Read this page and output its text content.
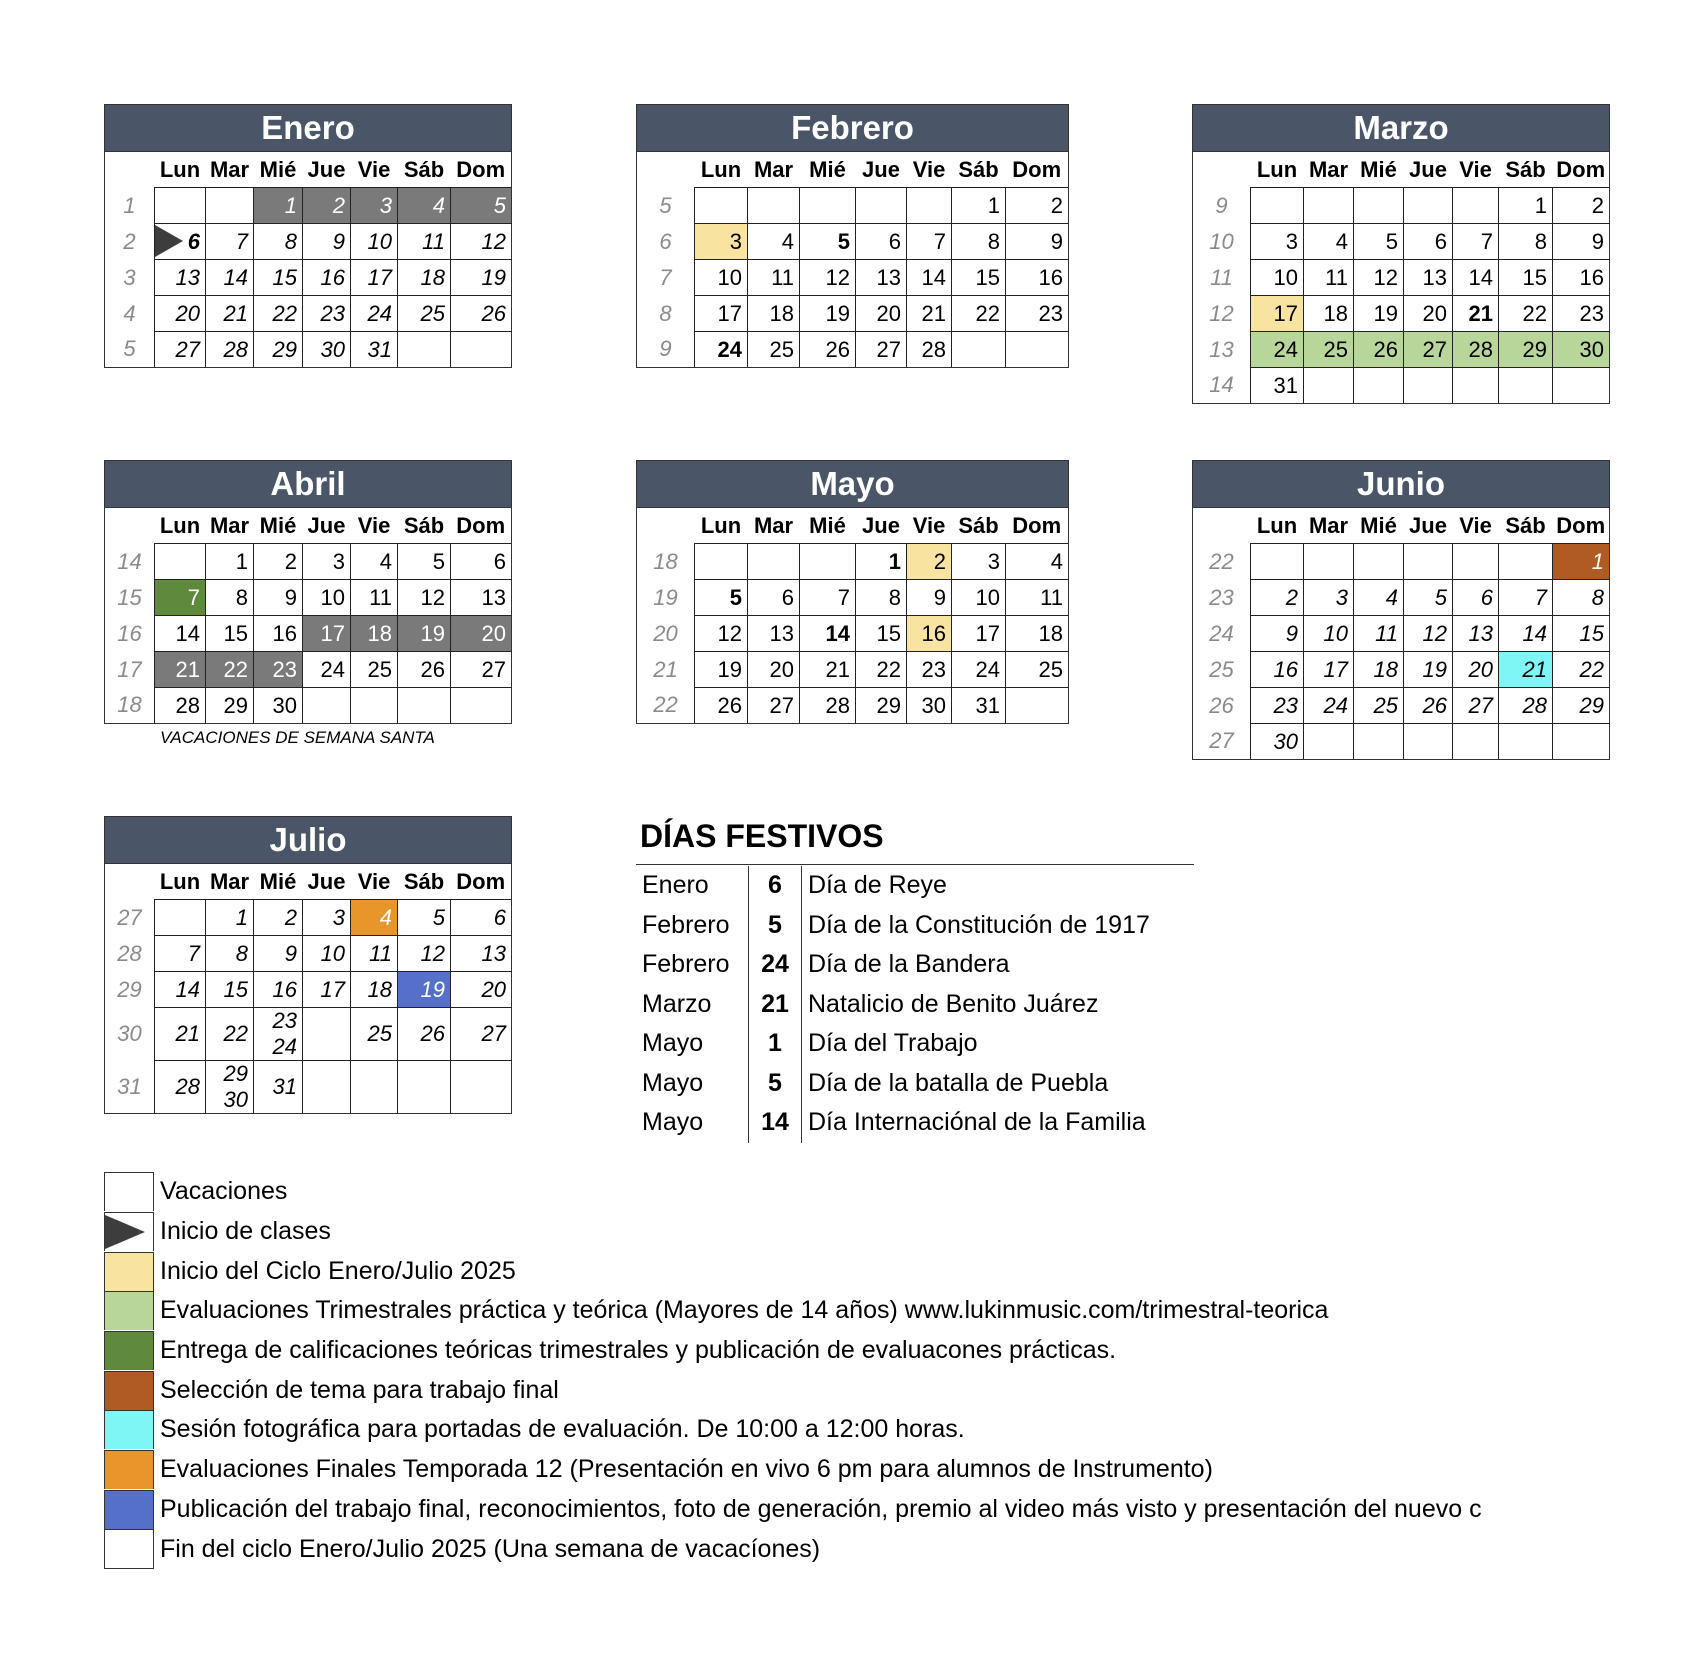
Enero							
	Lun	Mar	Mié	Jue	Vie	Sáb	Dom
1			1	2	3	4	5
2	6	7	8	9	10	11	12
3	13	14	15	16	17	18	19
4	20	21	22	23	24	25	26
5	27	28	29	30	31		
Febrero							
	Lun	Mar	Mié	Jue	Vie	Sáb	Dom
5						1	2
6	3	4	5	6	7	8	9
7	10	11	12	13	14	15	16
8	17	18	19	20	21	22	23
9	24	25	26	27	28		
Marzo							
	Lun	Mar	Mié	Jue	Vie	Sáb	Dom
9						1	2
10	3	4	5	6	7	8	9
11	10	11	12	13	14	15	16
12	17	18	19	20	21	22	23
13	24	25	26	27	28	29	30
14	31						
Abril							
	Lun	Mar	Mié	Jue	Vie	Sáb	Dom
14		1	2	3	4	5	6
15	7	8	9	10	11	12	13
16	14	15	16	17	18	19	20
17	21	22	23	24	25	26	27
18	28	29	30				
Mayo							
	Lun	Mar	Mié	Jue	Vie	Sáb	Dom
18				1	2	3	4
19	5	6	7	8	9	10	11
20	12	13	14	15	16	17	18
21	19	20	21	22	23	24	25
22	26	27	28	29	30	31	
Junio							
	Lun	Mar	Mié	Jue	Vie	Sáb	Dom
22							1
23	2	3	4	5	6	7	8
24	9	10	11	12	13	14	15
25	16	17	18	19	20	21	22
26	23	24	25	26	27	28	29
27	30						
Julio							
	Lun	Mar	Mié	Jue	Vie	Sáb	Dom
27		1	2	3	4	5	6
28	7	8	9	10	11	12	13
29	14	15	16	17	18	19	20
30	21	22	23 24		25	26	27
31	28	29 30	31				
VACACIONES DE SEMANA SANTA
DÍAS FESTIVOS
Enero	6	Día de Reye
Febrero	5	Día de la Constitución de 1917
Febrero	24	Día de la Bandera
Marzo	21	Natalicio de Benito Juárez
Mayo	1	Día del Trabajo
Mayo	5	Día de la batalla de Puebla
Mayo	14	Día Internaciónal de la Familia
Vacaciones
Inicio de clases
Inicio del Ciclo Enero/Julio 2025
Evaluaciones Trimestrales práctica y teórica (Mayores de 14 años) www.lukinmusic.com/trimestral-teorica
Entrega de calificaciones teóricas trimestrales y publicación de evaluacones prácticas.
Selección de tema para trabajo final
Sesión fotográfica para portadas de evaluación. De 10:00 a 12:00 horas.
Evaluaciones Finales Temporada 12 (Presentación en vivo 6 pm para alumnos de Instrumento)
Publicación del trabajo final, reconocimientos, foto de generación, premio al video más visto y presentación del nuevo c
Fin del ciclo Enero/Julio 2025 (Una semana de vacacíones)
